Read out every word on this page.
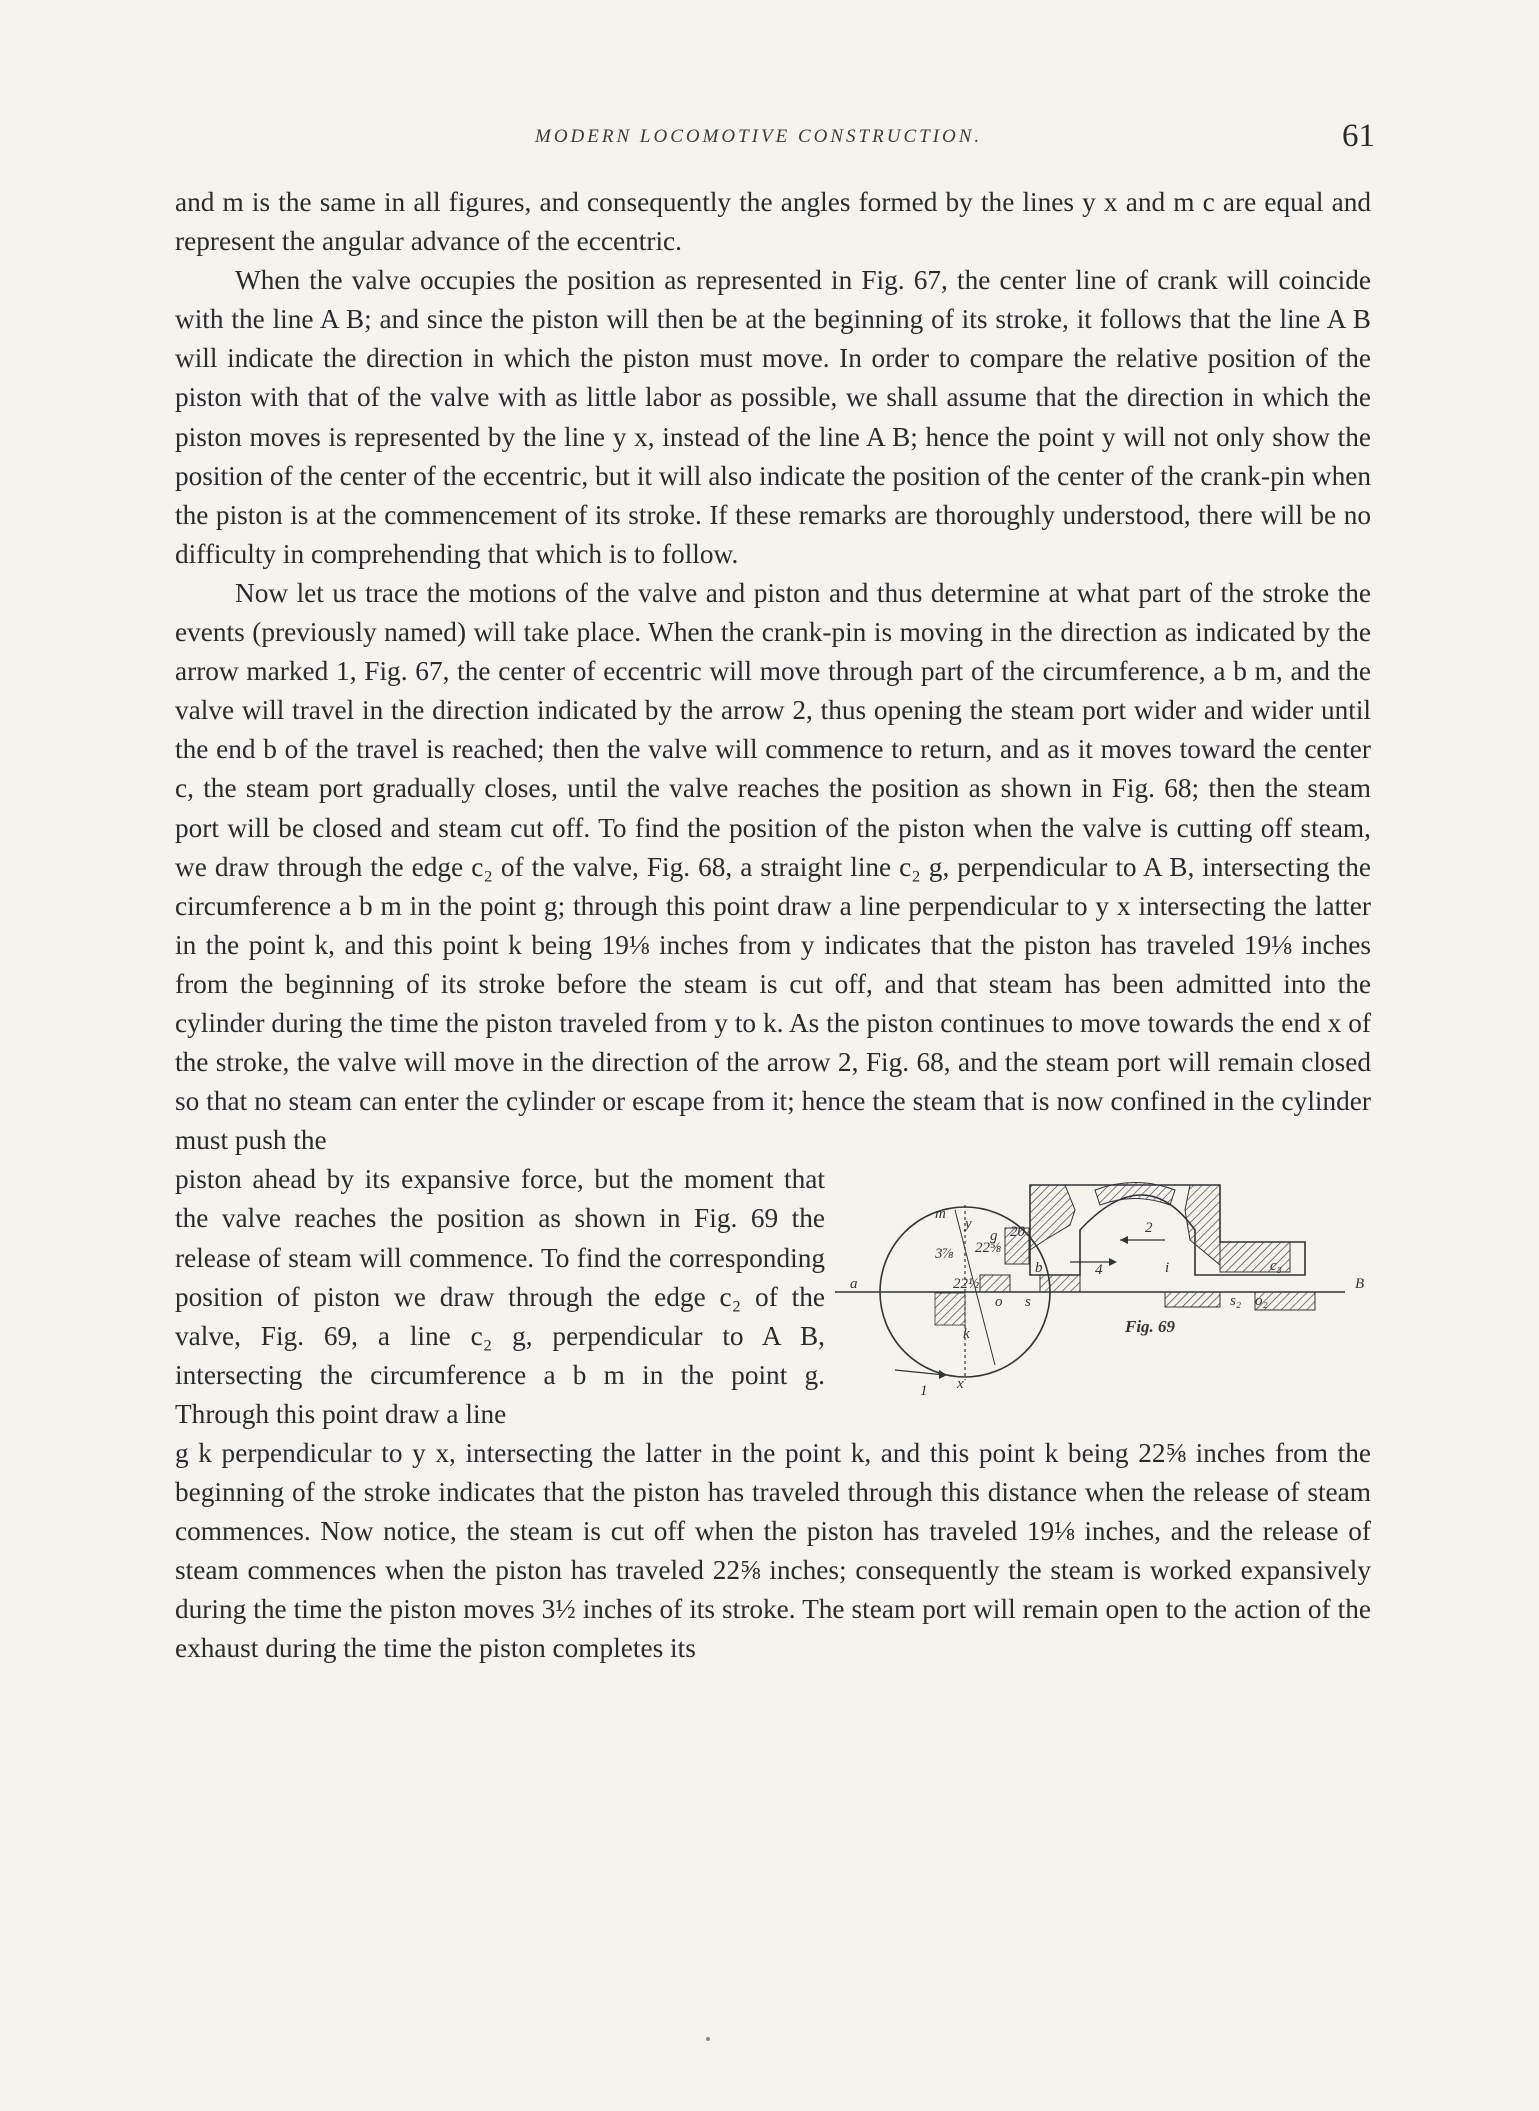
MODERN LOCOMOTIVE CONSTRUCTION.	61

and m is the same in all figures, and consequently the angles formed by the lines y x and m c are equal and represent the angular advance of the eccentric.

When the valve occupies the position as represented in Fig. 67, the center line of crank will coincide with the line A B; and since the piston will then be at the beginning of its stroke, it follows that the line A B will indicate the direction in which the piston must move. In order to compare the relative position of the piston with that of the valve with as little labor as possible, we shall assume that the direction in which the piston moves is represented by the line y x, instead of the line A B; hence the point y will not only show the position of the center of the eccentric, but it will also indicate the position of the center of the crank-pin when the piston is at the commencement of its stroke. If these remarks are thoroughly understood, there will be no difficulty in comprehending that which is to follow.

Now let us trace the motions of the valve and piston and thus determine at what part of the stroke the events (previously named) will take place. When the crank-pin is moving in the direction as indicated by the arrow marked 1, Fig. 67, the center of eccentric will move through part of the circumference, a b m, and the valve will travel in the direction indicated by the arrow 2, thus opening the steam port wider and wider until the end b of the travel is reached; then the valve will commence to return, and as it moves toward the center c, the steam port gradually closes, until the valve reaches the position as shown in Fig. 68; then the steam port will be closed and steam cut off. To find the position of the piston when the valve is cutting off steam, we draw through the edge c₂ of the valve, Fig. 68, a straight line c₂ g, perpendicular to A B, intersecting the circumference a b m in the point g; through this point draw a line perpendicular to y x intersecting the latter in the point k, and this point k being 19⅛ inches from y indicates that the piston has traveled 19⅛ inches from the beginning of its stroke before the steam is cut off, and that steam has been admitted into the cylinder during the time the piston traveled from y to k. As the piston continues to move towards the end x of the stroke, the valve will move in the direction of the arrow 2, Fig. 68, and the steam port will remain closed so that no steam can enter the cylinder or escape from it; hence the steam that is now confined in the cylinder must push the

m
a
b
B
y
x
k
g
o s
i	c₃
s₂ o₂
1
2
4
3⅞ 22⅝
20
22½
Fig. 69

piston ahead by its expansive force, but the moment that the valve reaches the position as shown in Fig. 69 the release of steam will commence. To find the corresponding position of piston we draw through the edge c₂ of the valve, Fig. 69, a line c₂ g, perpendicular to A B, intersecting the circumference a b m in the point g. Through this point draw a line

g k perpendicular to y x, intersecting the latter in the point k, and this point k being 22⅝ inches from the beginning of the stroke indicates that the piston has traveled through this distance when the release of steam commences. Now notice, the steam is cut off when the piston has traveled 19⅛ inches, and the release of steam commences when the piston has traveled 22⅝ inches; consequently the steam is worked expansively during the time the piston moves 3½ inches of its stroke. The steam port will remain open to the action of the exhaust during the time the piston completes its
